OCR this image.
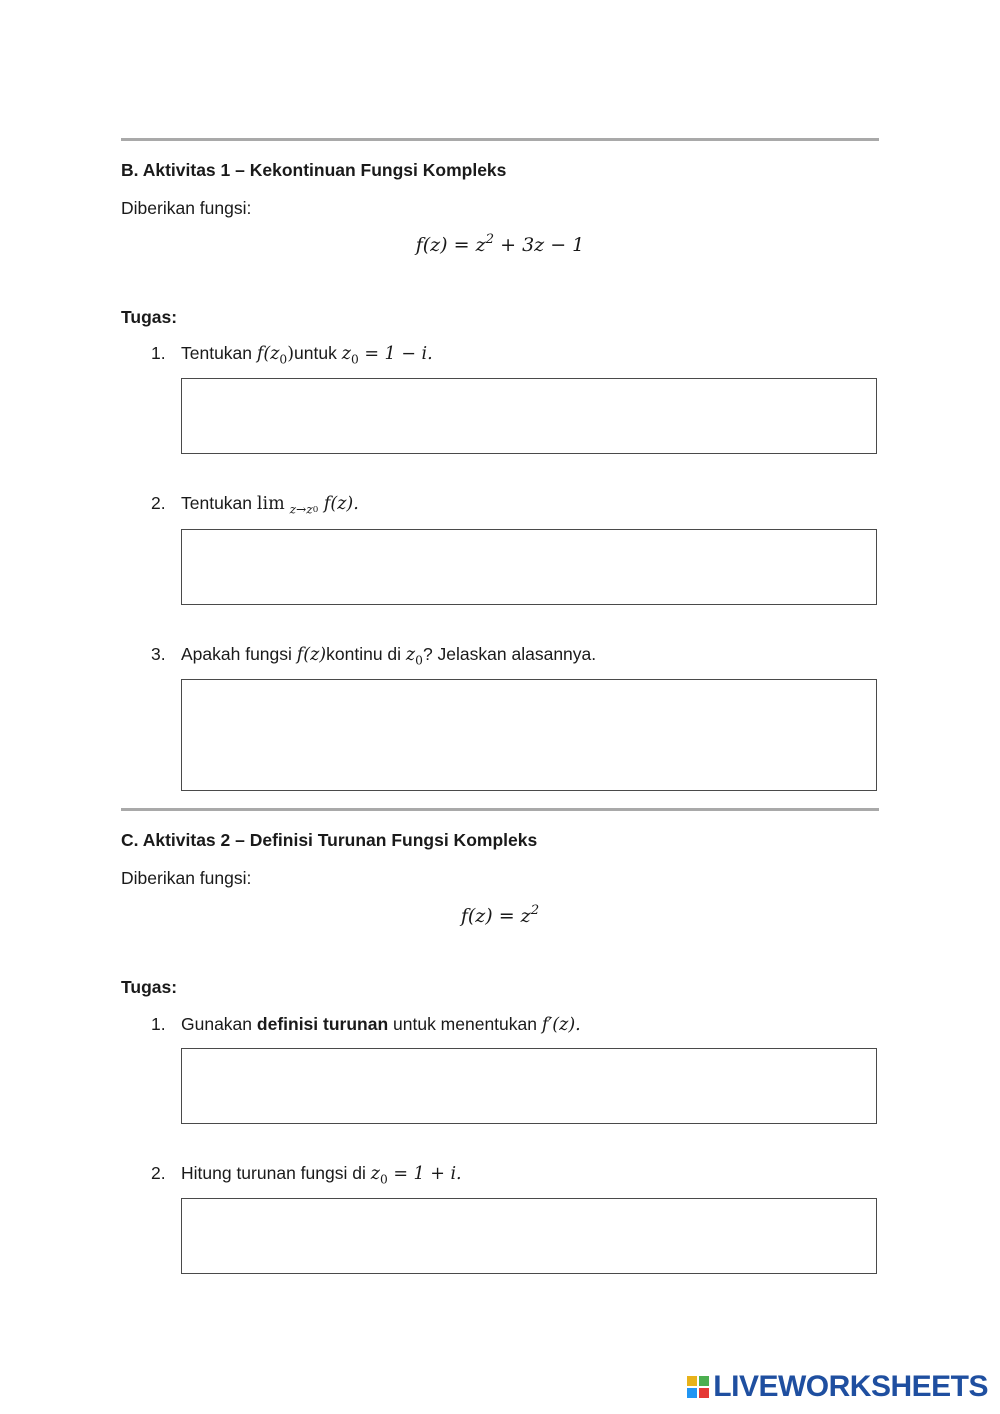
B. Aktivitas 1 – Kekontinuan Fungsi Kompleks
Diberikan fungsi:
$f(z) = z^2 + 3z - 1$
Tugas:
1. Tentukan $f(z_0)untuk$ $z_0 = 1 - i$.
2. Tentukan lim $_{z\to z0}$ f(z).
3. Apakah fungsi f(z)kontinu di $z_0$? Jelaskan alasannya.
C. Aktivitas 2 – Definisi Turunan Fungsi Kompleks
Diberikan fungsi:
$f(z) = z^2$
Tugas:
1. Gunakan definisi turunan untuk menentukan f′(z).
2. Hitung turunan fungsi di $z_0 = 1 + i$.
LIVEWORKSHEETS
